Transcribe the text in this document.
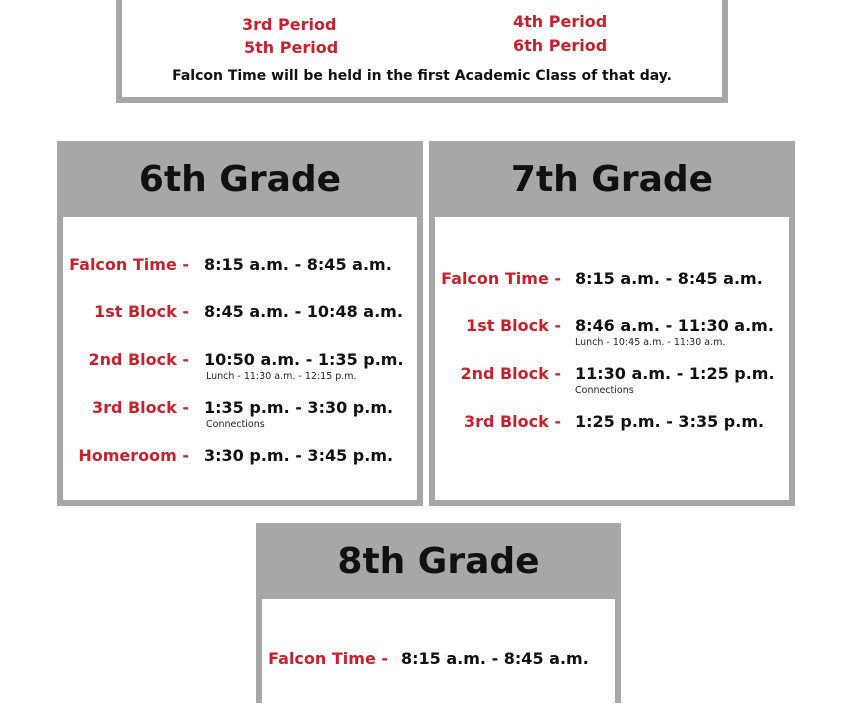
3rd Period
5th Period
4th Period
6th Period
Falcon Time will be held in the first Academic Class of that day.
6th Grade
Falcon Time - 8:15 a.m. - 8:45 a.m.
1st Block - 8:45 a.m. - 10:48 a.m.
2nd Block - 10:50 a.m. - 1:35 p.m.
Lunch - 11:30 a.m. - 12:15 p.m.
3rd Block - 1:35 p.m. - 3:30 p.m.
Connections
Homeroom - 3:30 p.m. - 3:45 p.m.
7th Grade
Falcon Time - 8:15 a.m. - 8:45 a.m.
1st Block - 8:46 a.m. - 11:30 a.m.
Lunch - 10:45 a.m. - 11:30 a.m.
2nd Block - 11:30 a.m. - 1:25 p.m.
Connections
3rd Block - 1:25 p.m. - 3:35 p.m.
8th Grade
Falcon Time - 8:15 a.m. - 8:45 a.m.
